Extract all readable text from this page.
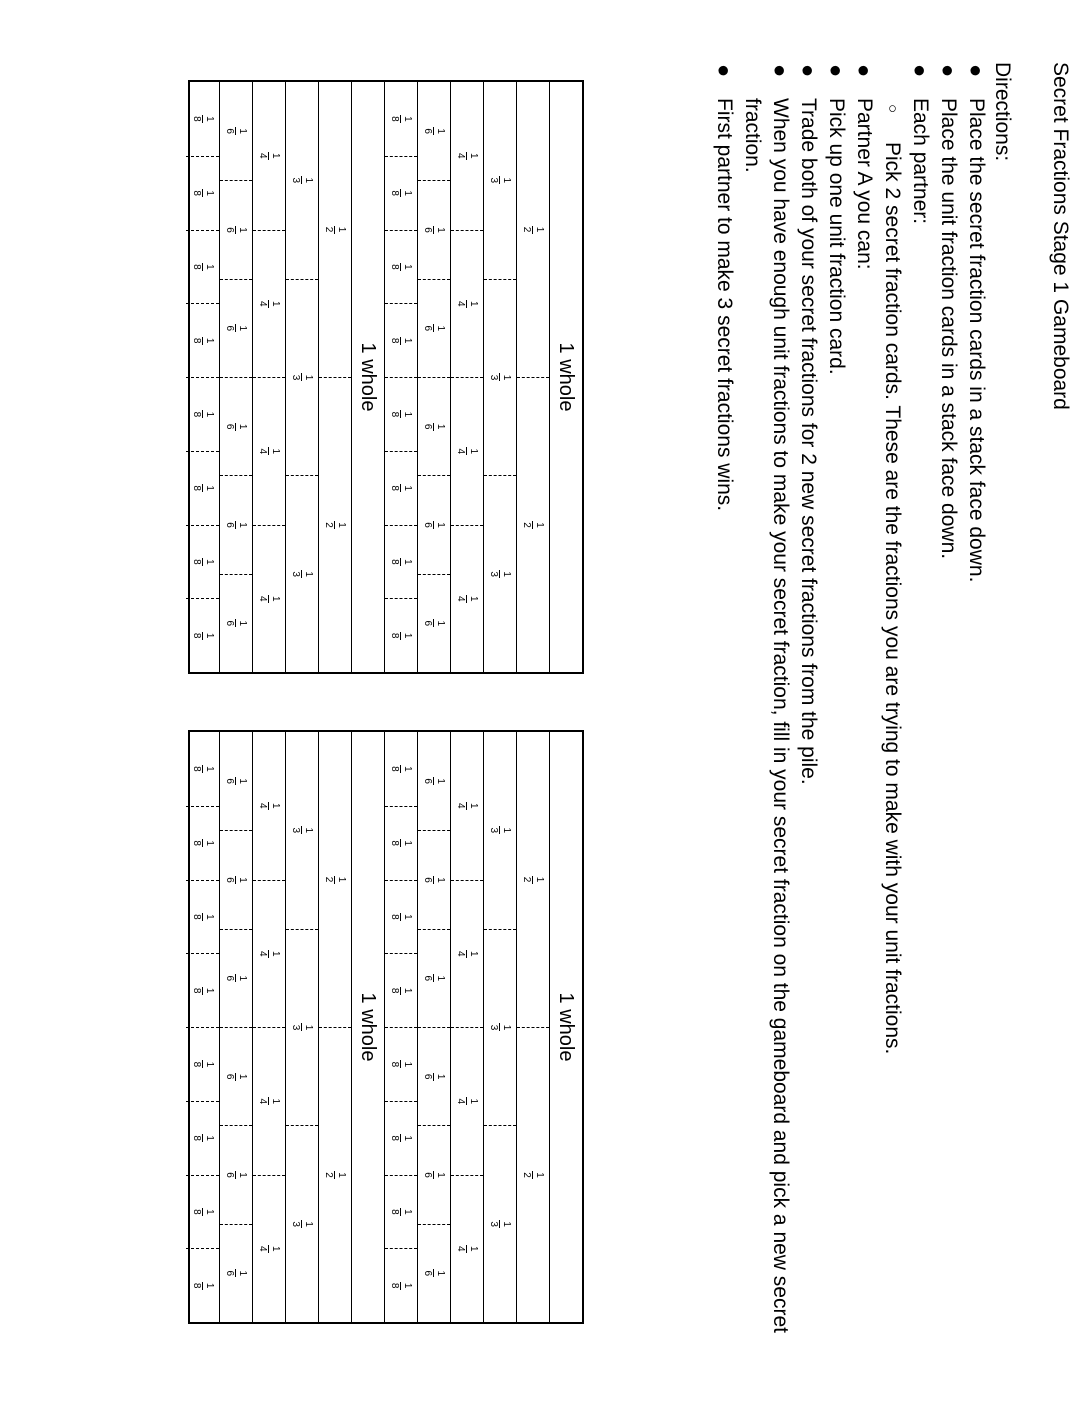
Secret Fractions Stage 1 Gameboard
Directions:
●
Place the secret fraction cards in a stack face down.
●
Place the unit fraction cards in a stack face down.
●
Each partner:
○
Pick 2 secret fraction cards. These are the fractions you are trying to make with your unit fractions.
●
Partner A you can:
●
Pick up one unit fraction card.
●
Trade both of your secret fractions for 2 new secret fractions from the pile.
●
When you have enough unit fractions to make your secret fraction, fill in your secret fraction on the gameboard and pick a new secret fraction.
●
First partner to make 3 secret fractions wins.
1 whole
1
2
1
2
1
3
1
3
1
3
1
4
1
4
1
4
1
4
1
6
1
6
1
6
1
6
1
6
1
6
1
8
1
8
1
8
1
8
1
8
1
8
1
8
1
8
1 whole
1
2
1
2
1
3
1
3
1
3
1
4
1
4
1
4
1
4
1
6
1
6
1
6
1
6
1
6
1
6
1
8
1
8
1
8
1
8
1
8
1
8
1
8
1
8
1 whole
1
2
1
2
1
3
1
3
1
3
1
4
1
4
1
4
1
4
1
6
1
6
1
6
1
6
1
6
1
6
1
8
1
8
1
8
1
8
1
8
1
8
1
8
1
8
1 whole
1
2
1
2
1
3
1
3
1
3
1
4
1
4
1
4
1
4
1
6
1
6
1
6
1
6
1
6
1
6
1
8
1
8
1
8
1
8
1
8
1
8
1
8
1
8
